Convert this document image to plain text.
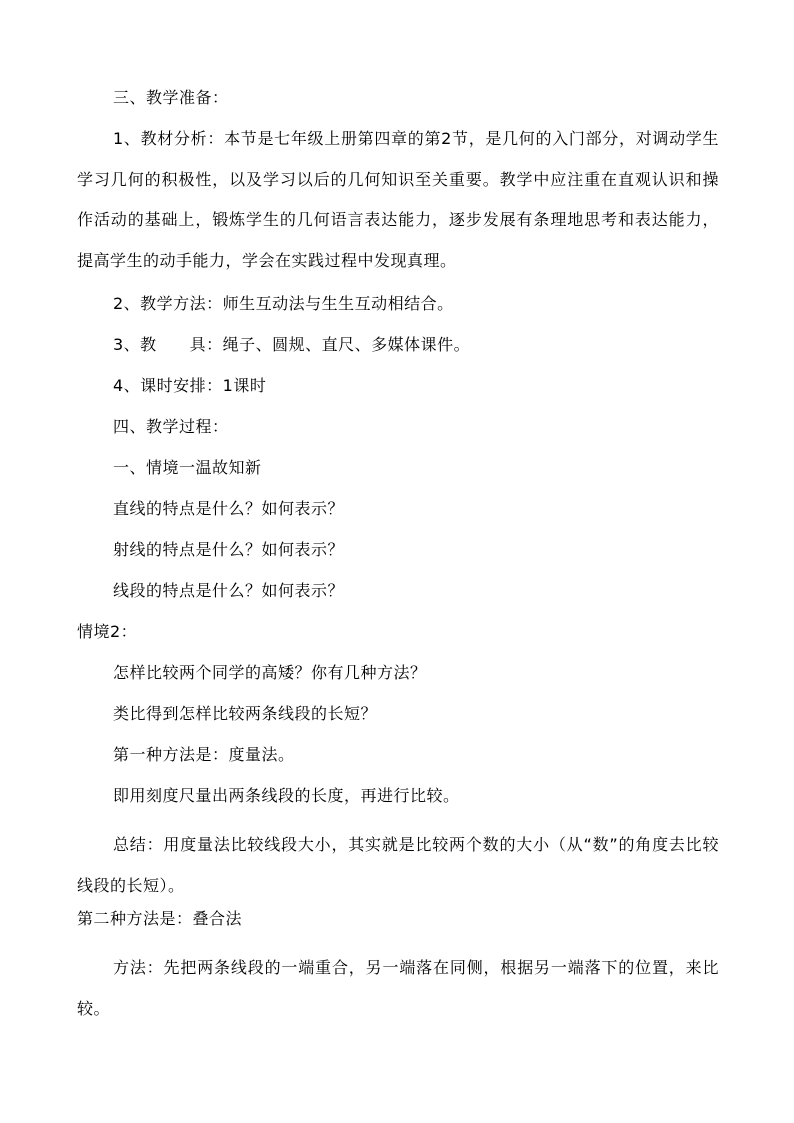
三、教学准备：
1、教材分析：本节是七年级上册第四章的第2节，是几何的入门部分，对调动学生学习几何的积极性，以及学习以后的几何知识至关重要。教学中应注重在直观认识和操作活动的基础上，锻炼学生的几何语言表达能力，逐步发展有条理地思考和表达能力，提高学生的动手能力，学会在实践过程中发现真理。
2、教学方法：师生互动法与生生互动相结合。
3、教　　具：绳子、圆规、直尺、多媒体课件。
4、课时安排：1课时
四、教学过程：
一、情境一温故知新
直线的特点是什么？如何表示？
射线的特点是什么？如何表示？
线段的特点是什么？如何表示？
情境2：
怎样比较两个同学的高矮？你有几种方法？
类比得到怎样比较两条线段的长短？
第一种方法是：度量法。
即用刻度尺量出两条线段的长度，再进行比较。
总结：用度量法比较线段大小，其实就是比较两个数的大小（从“数”的角度去比较线段的长短）。
第二种方法是：叠合法
方法：先把两条线段的一端重合，另一端落在同侧，根据另一端落下的位置，来比较。
